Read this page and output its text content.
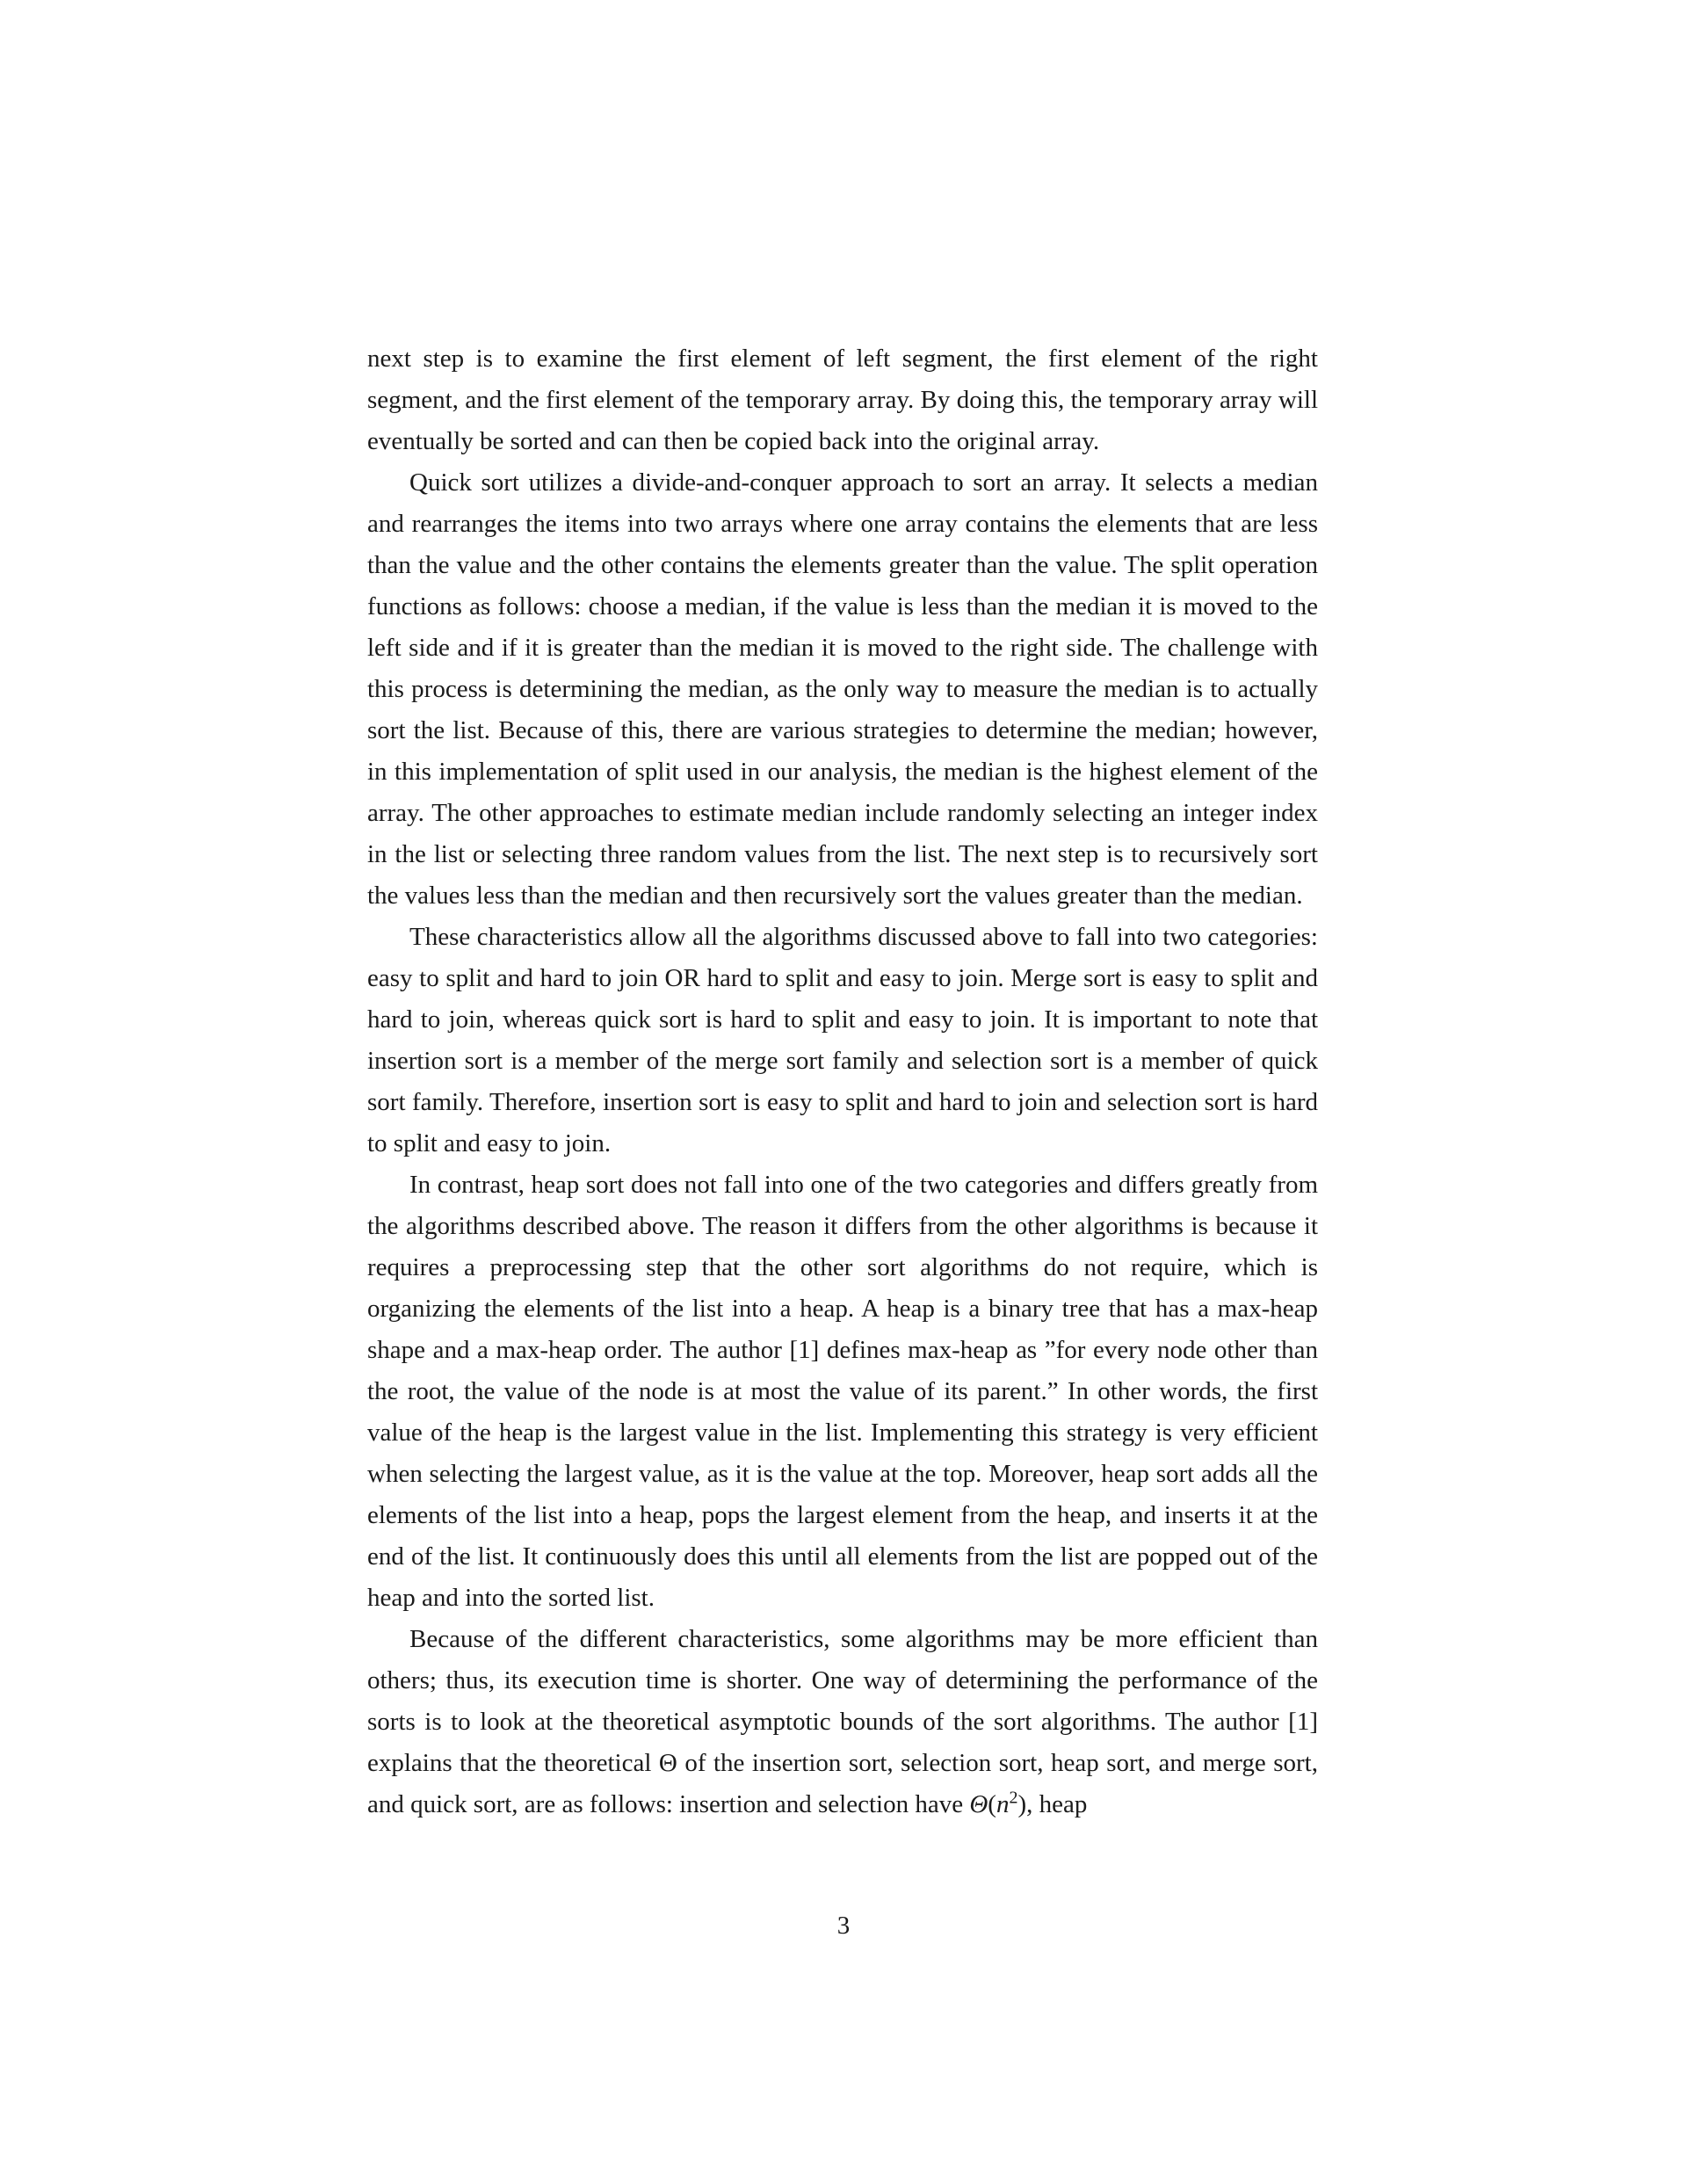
next step is to examine the first element of left segment, the first element of the right segment, and the first element of the temporary array. By doing this, the temporary array will eventually be sorted and can then be copied back into the original array.

Quick sort utilizes a divide-and-conquer approach to sort an array. It selects a median and rearranges the items into two arrays where one array contains the elements that are less than the value and the other contains the elements greater than the value. The split operation functions as follows: choose a median, if the value is less than the median it is moved to the left side and if it is greater than the median it is moved to the right side. The challenge with this process is determining the median, as the only way to measure the median is to actually sort the list. Because of this, there are various strategies to determine the median; however, in this implementation of split used in our analysis, the median is the highest element of the array. The other approaches to estimate median include randomly selecting an integer index in the list or selecting three random values from the list. The next step is to recursively sort the values less than the median and then recursively sort the values greater than the median.

These characteristics allow all the algorithms discussed above to fall into two categories: easy to split and hard to join OR hard to split and easy to join. Merge sort is easy to split and hard to join, whereas quick sort is hard to split and easy to join. It is important to note that insertion sort is a member of the merge sort family and selection sort is a member of quick sort family. Therefore, insertion sort is easy to split and hard to join and selection sort is hard to split and easy to join.

In contrast, heap sort does not fall into one of the two categories and differs greatly from the algorithms described above. The reason it differs from the other algorithms is because it requires a preprocessing step that the other sort algorithms do not require, which is organizing the elements of the list into a heap. A heap is a binary tree that has a max-heap shape and a max-heap order. The author [1] defines max-heap as ”for every node other than the root, the value of the node is at most the value of its parent.” In other words, the first value of the heap is the largest value in the list. Implementing this strategy is very efficient when selecting the largest value, as it is the value at the top. Moreover, heap sort adds all the elements of the list into a heap, pops the largest element from the heap, and inserts it at the end of the list. It continuously does this until all elements from the list are popped out of the heap and into the sorted list.

Because of the different characteristics, some algorithms may be more efficient than others; thus, its execution time is shorter. One way of determining the performance of the sorts is to look at the theoretical asymptotic bounds of the sort algorithms. The author [1] explains that the theoretical Θ of the insertion sort, selection sort, heap sort, and merge sort, and quick sort, are as follows: insertion and selection have $\Theta(n^2)$, heap

3
